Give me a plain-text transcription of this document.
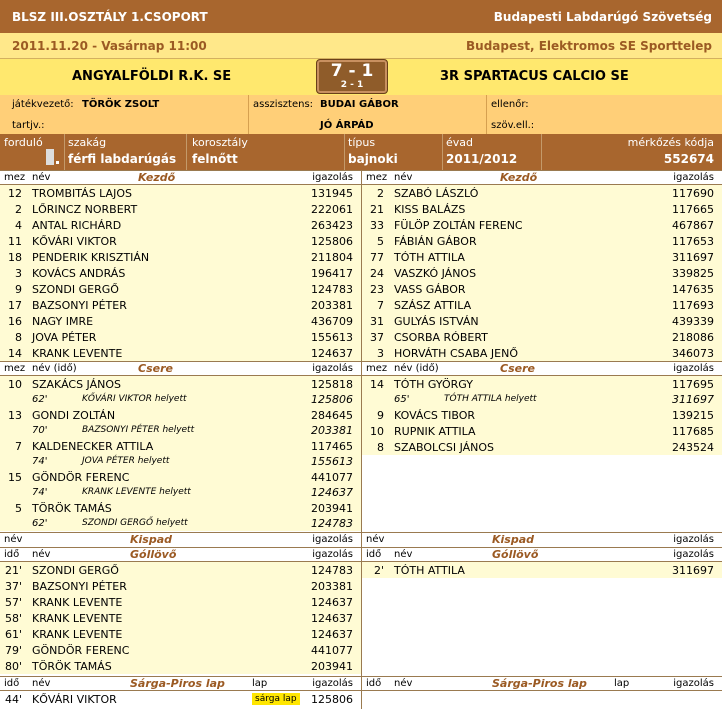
BLSZ III.OSZTÁLY 1.CSOPORT	Budapesti Labdarúgó Szövetség
2011.11.20 - Vasárnap 11:00	Budapest, Elektromos SE Sporttelep
ANGYALFÖLDI R.K. SE	3R SPARTACUS CALCIO SE
7 - 1
2 - 1
játékvezető: TÖRÖK ZSOLT
tartjv.:
asszisztens: BUDAI GÁBOR
JÓ ÁRPÁD
ellenőr:
szöv.ell.:
forduló szakág
férfi labdarúgás
korosztály
felnőtt
típus
bajnoki
évad
2011/2012
mérkőzés kódja
552674
mez név	Kezdő	igazolás
12 TROMBITÁS LAJOS	131945
2 LŐRINCZ NORBERT	222061
4 ANTAL RICHÁRD	263423
11 KŐVÁRI VIKTOR	125806
18 PENDERIK KRISZTIÁN	211804
3 KOVÁCS ANDRÁS	196417
9 SZONDI GERGŐ	124783
17 BAZSONYI PÉTER	203381
16 NAGY IMRE	436709
8 JOVA PÉTER	155613
14 KRANK LEVENTE	124637
mez név	Kezdő	igazolás
2 SZABÓ LÁSZLÓ	117690
21 KISS BALÁZS	117665
33 FÜLÖP ZOLTÁN FERENC	467867
5 FÁBIÁN GÁBOR	117653
77 TÓTH ATTILA	311697
24 VASZKÓ JÁNOS	339825
23 VASS GÁBOR	147635
7 SZÁSZ ATTILA	117693
31 GULYÁS ISTVÁN	439339
37 CSORBA RÓBERT	218086
3 HORVÁTH CSABA JENŐ	346073
mez név (idő)	Csere	igazolás
10 SZAKÁCS JÁNOS	125818
62'	KŐVÁRI VIKTOR helyett	125806
13 GONDI ZOLTÁN	284645
70'	BAZSONYI PÉTER helyett	203381
7 KALDENECKER ATTILA	117465
74'	JOVA PÉTER helyett	155613
15 GÖNDÖR FERENC	441077
74'	KRANK LEVENTE helyett	124637
5 TÖRÖK TAMÁS	203941
62'	SZONDI GERGŐ helyett	124783
mez név (idő)	Csere	igazolás
14 TÓTH GYÖRGY	117695
65'	TÓTH ATTILA helyett	311697
9 KOVÁCS TIBOR	139215
10 RUPNIK ATTILA	117685
8 SZABOLCSI JÁNOS	243524
név	Kispad	igazolás név	Kispad	igazolás
idő név	Góllövő	igazolás
21' SZONDI GERGŐ	124783
37' BAZSONYI PÉTER	203381
57' KRANK LEVENTE	124637
58' KRANK LEVENTE	124637
61' KRANK LEVENTE	124637
79' GÖNDÖR FERENC	441077
80' TÖRÖK TAMÁS	203941
idő név	Góllövő	igazolás
2' TÓTH ATTILA	311697
idő név	Sárga-Piros lap	lap	igazolás
44' KŐVÁRI VIKTOR	sárga lap 125806
idő név	Sárga-Piros lap	lap	igazolás
